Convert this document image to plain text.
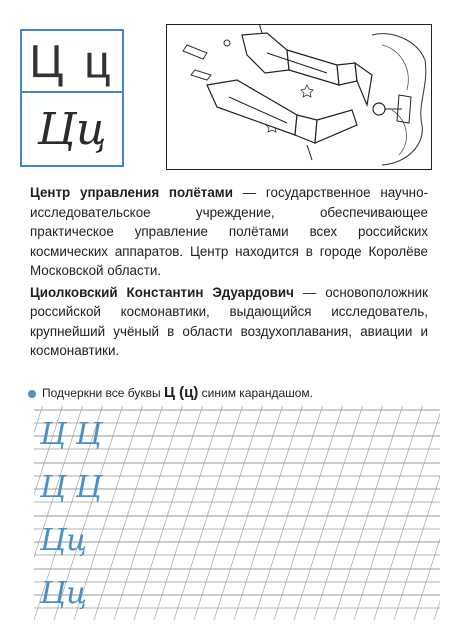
Ц ц
Цц

Центр управления полётами — государственное научно-исследовательское учреждение, обеспечивающее практическое управление полётами всех российских космических аппаратов. Центр находится в городе Королёве Московской области.

Циолковский Константин Эдуардович — основоположник российской космонавтики, выдающийся исследователь, крупнейший учёный в области воздухоплавания, авиации и космонавтики.

Подчеркни все буквы Ц (ц) синим карандашом.
Ц Ц
Ц Ц
Цц
Цц
